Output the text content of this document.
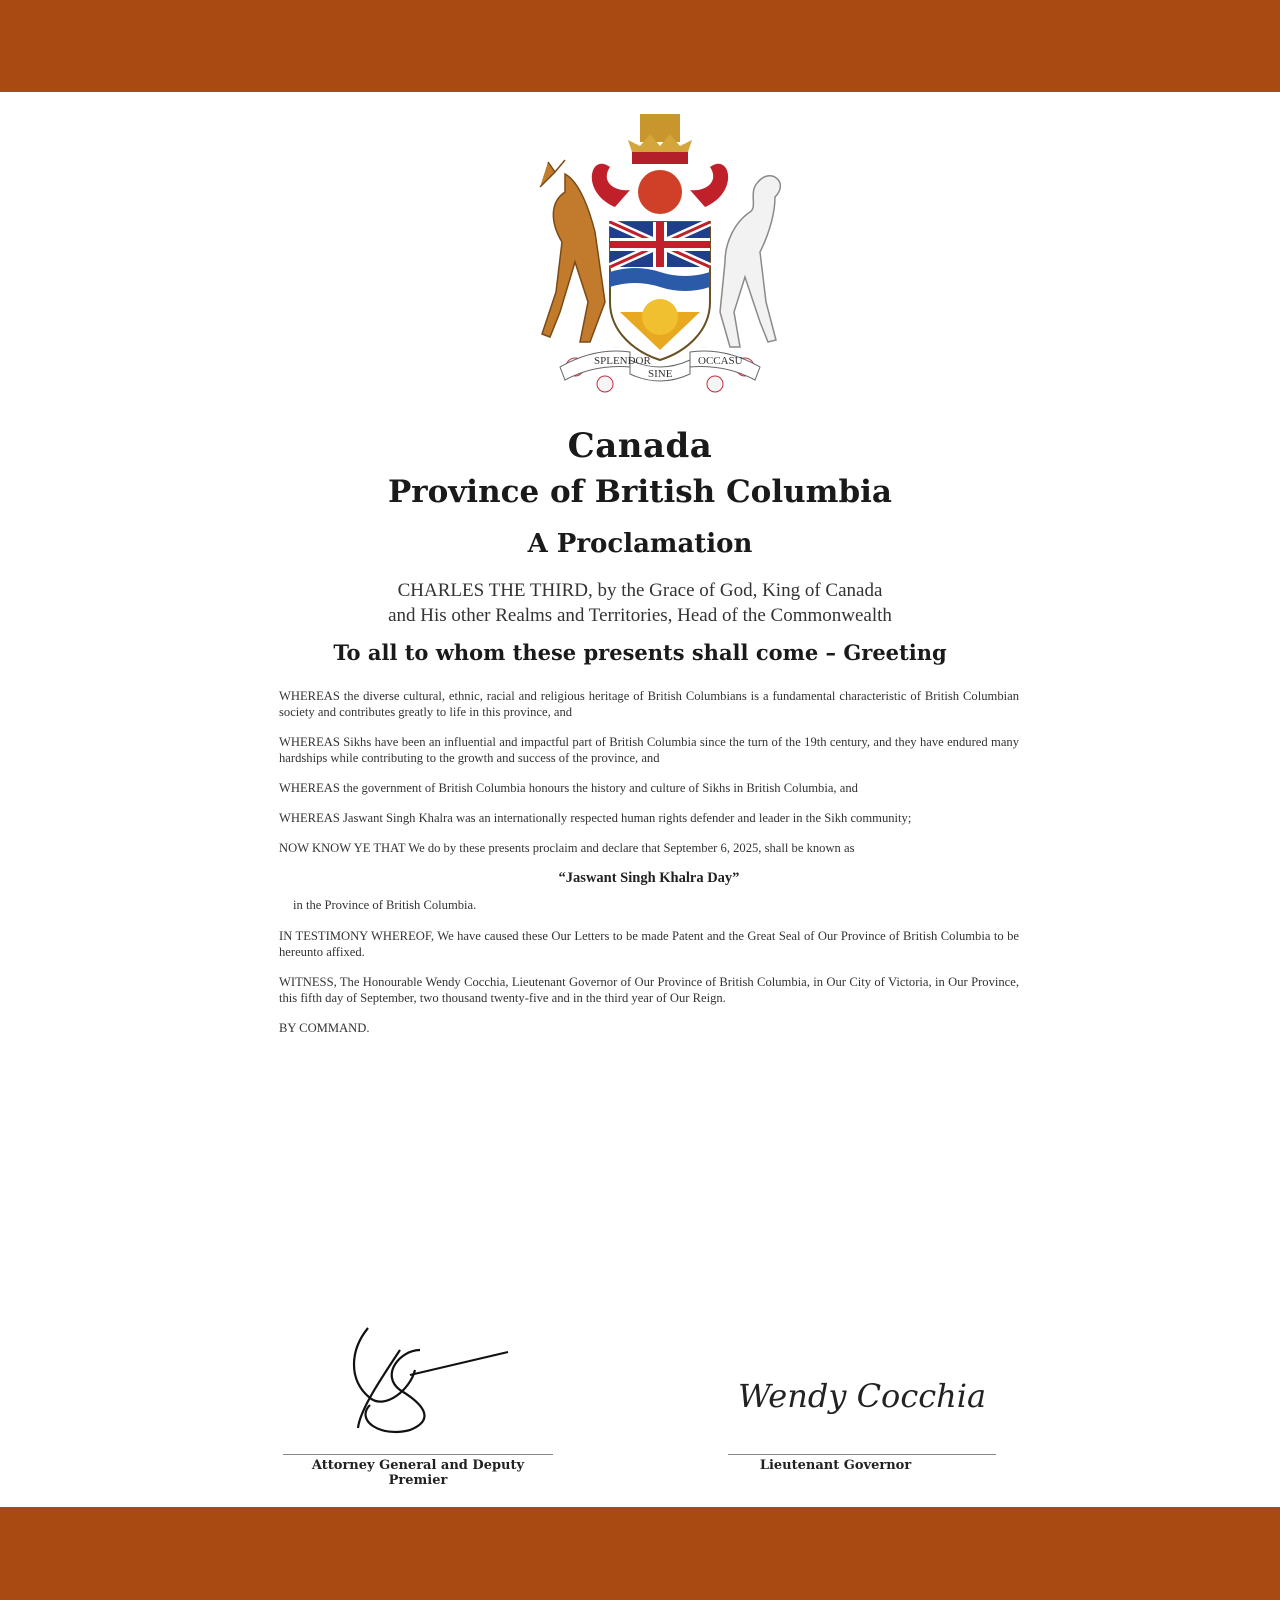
SPLENDOR
SINE
OCCASU
Canada
Province of British Columbia
A Proclamation
CHARLES THE THIRD, by the Grace of God, King of Canada
and His other Realms and Territories, Head of the Commonwealth
To all to whom these presents shall come – Greeting

WHEREAS the diverse cultural, ethnic, racial and religious heritage of British Columbians is a fundamental characteristic of British Columbian society and contributes greatly to life in this province, and

WHEREAS Sikhs have been an influential and impactful part of British Columbia since the turn of the 19th century, and they have endured many hardships while contributing to the growth and success of the province, and

WHEREAS the government of British Columbia honours the history and culture of Sikhs in British Columbia, and

WHEREAS Jaswant Singh Khalra was an internationally respected human rights defender and leader in the Sikh community;

NOW KNOW YE THAT We do by these presents proclaim and declare that September 6, 2025, shall be known as

“Jaswant Singh Khalra Day”

in the Province of British Columbia.

IN TESTIMONY WHEREOF, We have caused these Our Letters to be made Patent and the Great Seal of Our Province of British Columbia to be hereunto affixed.

WITNESS, The Honourable Wendy Cocchia, Lieutenant Governor of Our Province of British Columbia, in Our City of Victoria, in Our Province, this fifth day of September, two thousand twenty-five and in the third year of Our Reign.

BY COMMAND.

Attorney General and Deputy Premier
Wendy Cocchia
Lieutenant Governor
